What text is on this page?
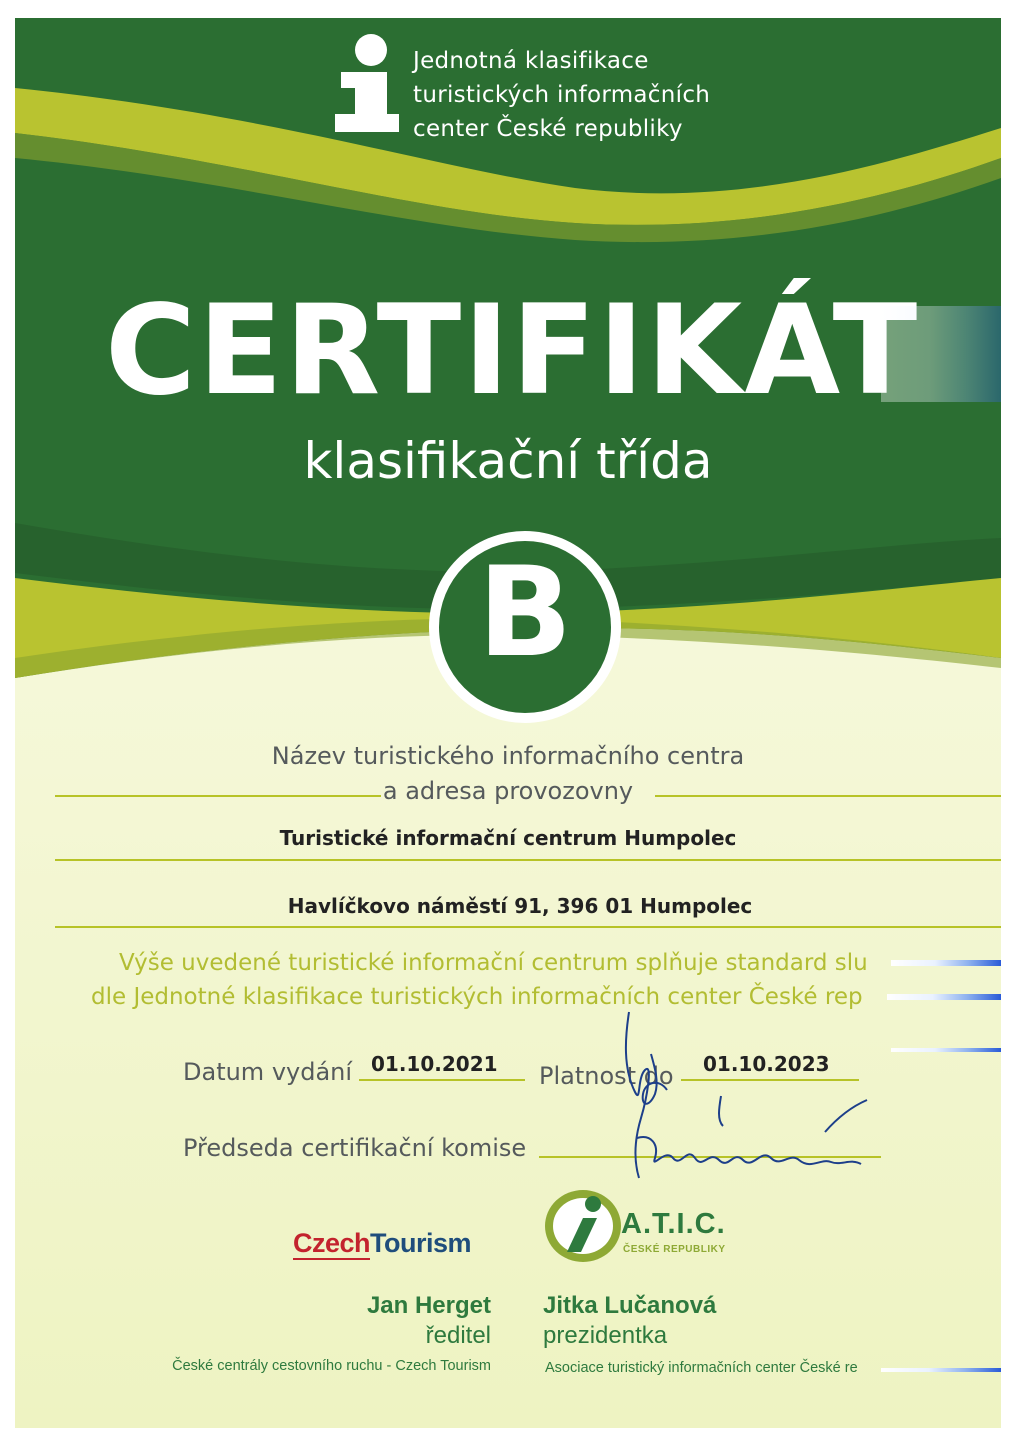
Jednotná klasifikace
turistických informačních
center České republiky
CERTIFIKÁT
klasifikační třída
B
Název turistického informačního centra
a adresa provozovny
Turistické informační centrum Humpolec
Havlíčkovo náměstí 91, 396 01 Humpolec
Výše uvedené turistické informační centrum splňuje standard slu
dle Jednotné klasifikace turistických informačních center České rep
Datum vydání 01.10.2021 Platnost do 01.10.2023
Předseda certifikační komise
CzechTourism
A.T.I.C.
ČESKÉ REPUBLIKY
Jan Herget
ředitel
České centrály cestovního ruchu - Czech Tourism
Jitka Lučanová
prezidentka
Asociace turistický informačních center České re
